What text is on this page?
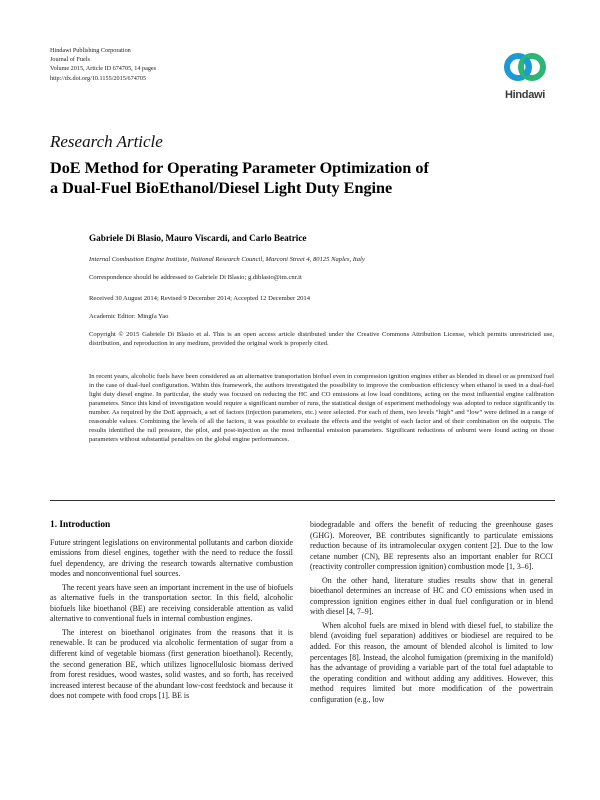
Hindawi Publishing Corporation
Journal of Fuels
Volume 2015, Article ID 674705, 14 pages
http://dx.doi.org/10.1155/2015/674705
Hindawi
Research Article
DoE Method for Operating Parameter Optimization of
a Dual-Fuel BioEthanol/Diesel Light Duty Engine
Gabriele Di Blasio, Mauro Viscardi, and Carlo Beatrice
Internal Combustion Engine Institute, National Research Council, Marconi Street 4, 80125 Naples, Italy
Correspondence should be addressed to Gabriele Di Blasio; g.diblasio@im.cnr.it
Received 30 August 2014; Revised 9 December 2014; Accepted 12 December 2014
Academic Editor: Mingfa Yao
Copyright © 2015 Gabriele Di Blasio et al. This is an open access article distributed under the Creative Commons Attribution License, which permits unrestricted use, distribution, and reproduction in any medium, provided the original work is properly cited.
In recent years, alcoholic fuels have been considered as an alternative transportation biofuel even in compression ignition engines either as blended in diesel or as premixed fuel in the case of dual-fuel configuration. Within this framework, the authors investigated the possibility to improve the combustion efficiency when ethanol is used in a dual-fuel light duty diesel engine. In particular, the study was focused on reducing the HC and CO emissions at low load conditions, acting on the most influential engine calibration parameters. Since this kind of investigation would require a significant number of runs, the statistical design of experiment methodology was adopted to reduce significantly its number. As required by the DoE approach, a set of factors (injection parameters, etc.) were selected. For each of them, two levels “high” and “low” were defined in a range of reasonable values. Combining the levels of all the factors, it was possible to evaluate the effects and the weight of each factor and of their combination on the outputs. The results identified the rail pressure, the pilot, and post-injection as the most influential emission parameters. Significant reductions of unburnt were found acting on those parameters without substantial penalties on the global engine performances.
1. Introduction

Future stringent legislations on environmental pollutants and carbon dioxide emissions from diesel engines, together with the need to reduce the fossil fuel dependency, are driving the research towards alternative combustion modes and nonconventional fuel sources.

The recent years have seen an important increment in the use of biofuels as alternative fuels in the transportation sector. In this field, alcoholic biofuels like bioethanol (BE) are receiving considerable attention as valid alternative to conventional fuels in internal combustion engines.

The interest on bioethanol originates from the reasons that it is renewable. It can be produced via alcoholic fermentation of sugar from a different kind of vegetable biomass (first generation bioethanol). Recently, the second generation BE, which utilizes lignocellulosic biomass derived from forest residues, wood wastes, solid wastes, and so forth, has received increased interest because of the abundant low-cost feedstock and because it does not compete with food crops [1]. BE is

biodegradable and offers the benefit of reducing the greenhouse gases (GHG). Moreover, BE contributes significantly to particulate emissions reduction because of its intramolecular oxygen content [2]. Due to the low cetane number (CN), BE represents also an important enabler for RCCI (reactivity controller compression ignition) combustion mode [1, 3–6].

On the other hand, literature studies results show that in general bioethanol determines an increase of HC and CO emissions when used in compression ignition engines either in dual fuel configuration or in blend with diesel [4, 7–9].

When alcohol fuels are mixed in blend with diesel fuel, to stabilize the blend (avoiding fuel separation) additives or biodiesel are required to be added. For this reason, the amount of blended alcohol is limited to low percentages [8]. Instead, the alcohol fumigation (premixing in the manifold) has the advantage of providing a variable part of the total fuel adaptable to the operating condition and without adding any additives. However, this method requires limited but more modification of the powertrain configuration (e.g., low
